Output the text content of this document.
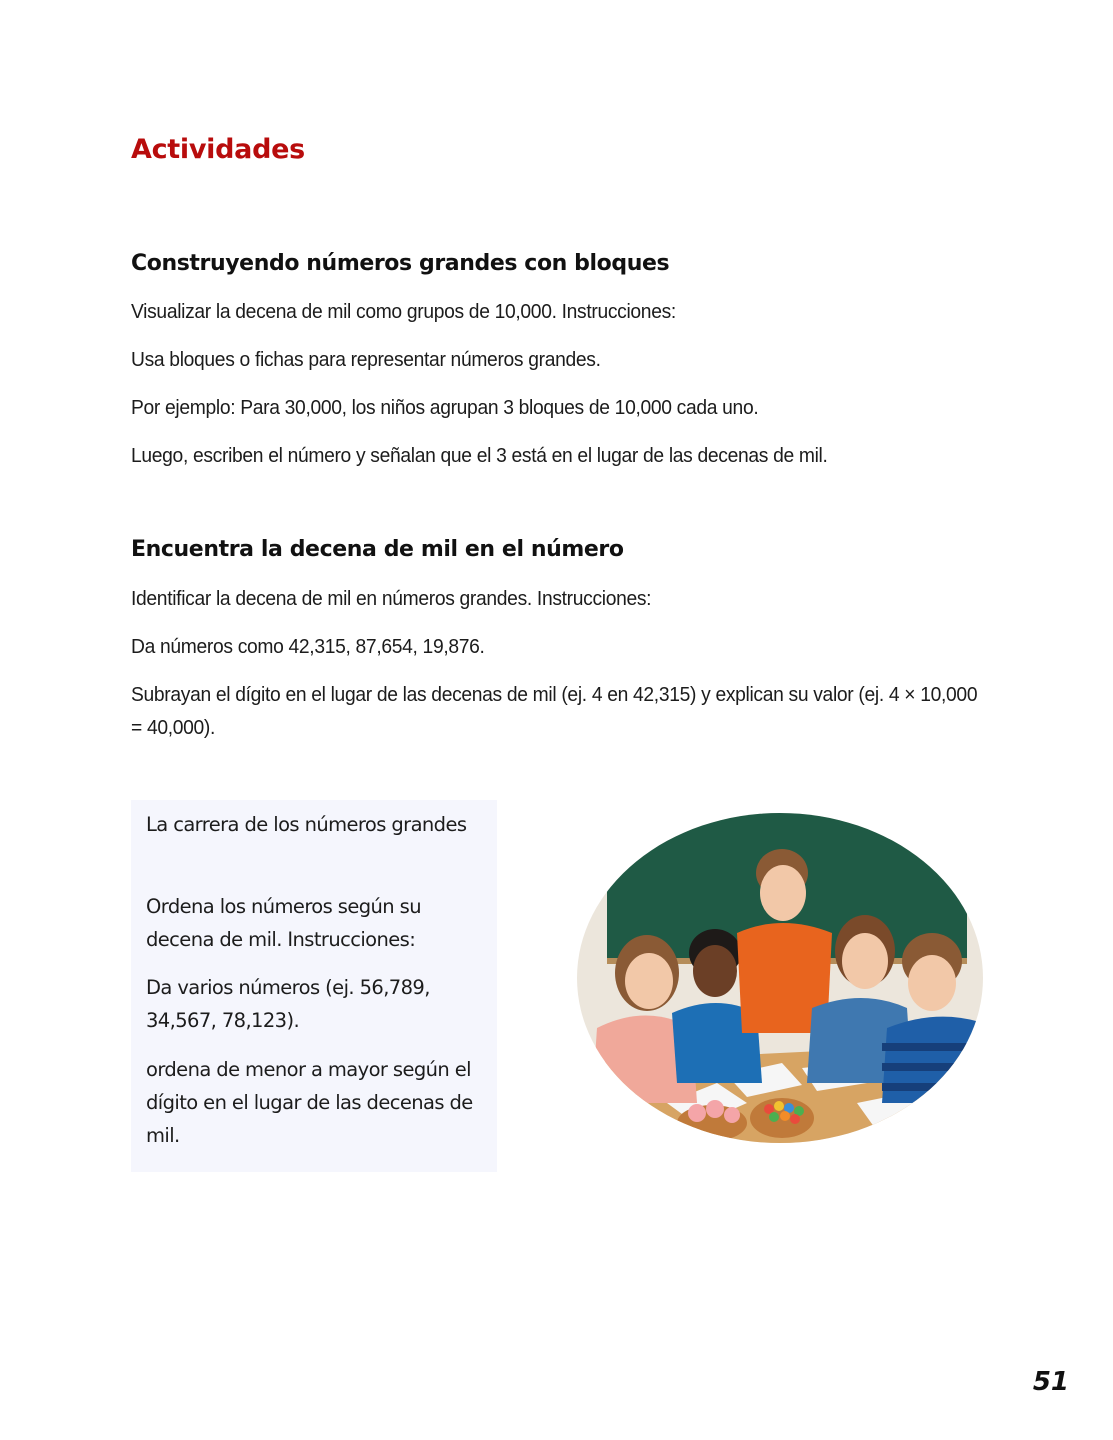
Actividades
Construyendo números grandes con bloques

Visualizar la decena de mil como grupos de 10,000. Instrucciones:

Usa bloques o fichas para representar números grandes.

Por ejemplo: Para 30,000, los niños agrupan 3 bloques de 10,000 cada uno.

Luego, escriben el número y señalan que el 3 está en el lugar de las decenas de mil.

Encuentra la decena de mil en el número

Identificar la decena de mil en números grandes. Instrucciones:

Da números como 42,315, 87,654, 19,876.

Subrayan el dígito en el lugar de las decenas de mil (ej. 4 en 42,315) y explican su valor (ej. 4 × 10,000 = 40,000).

La carrera de los números grandes

Ordena los números según su decena de mil. Instrucciones:

Da varios números (ej. 56,789, 34,567, 78,123).

ordena de menor a mayor según el dígito en el lugar de las decenas de mil.

51
